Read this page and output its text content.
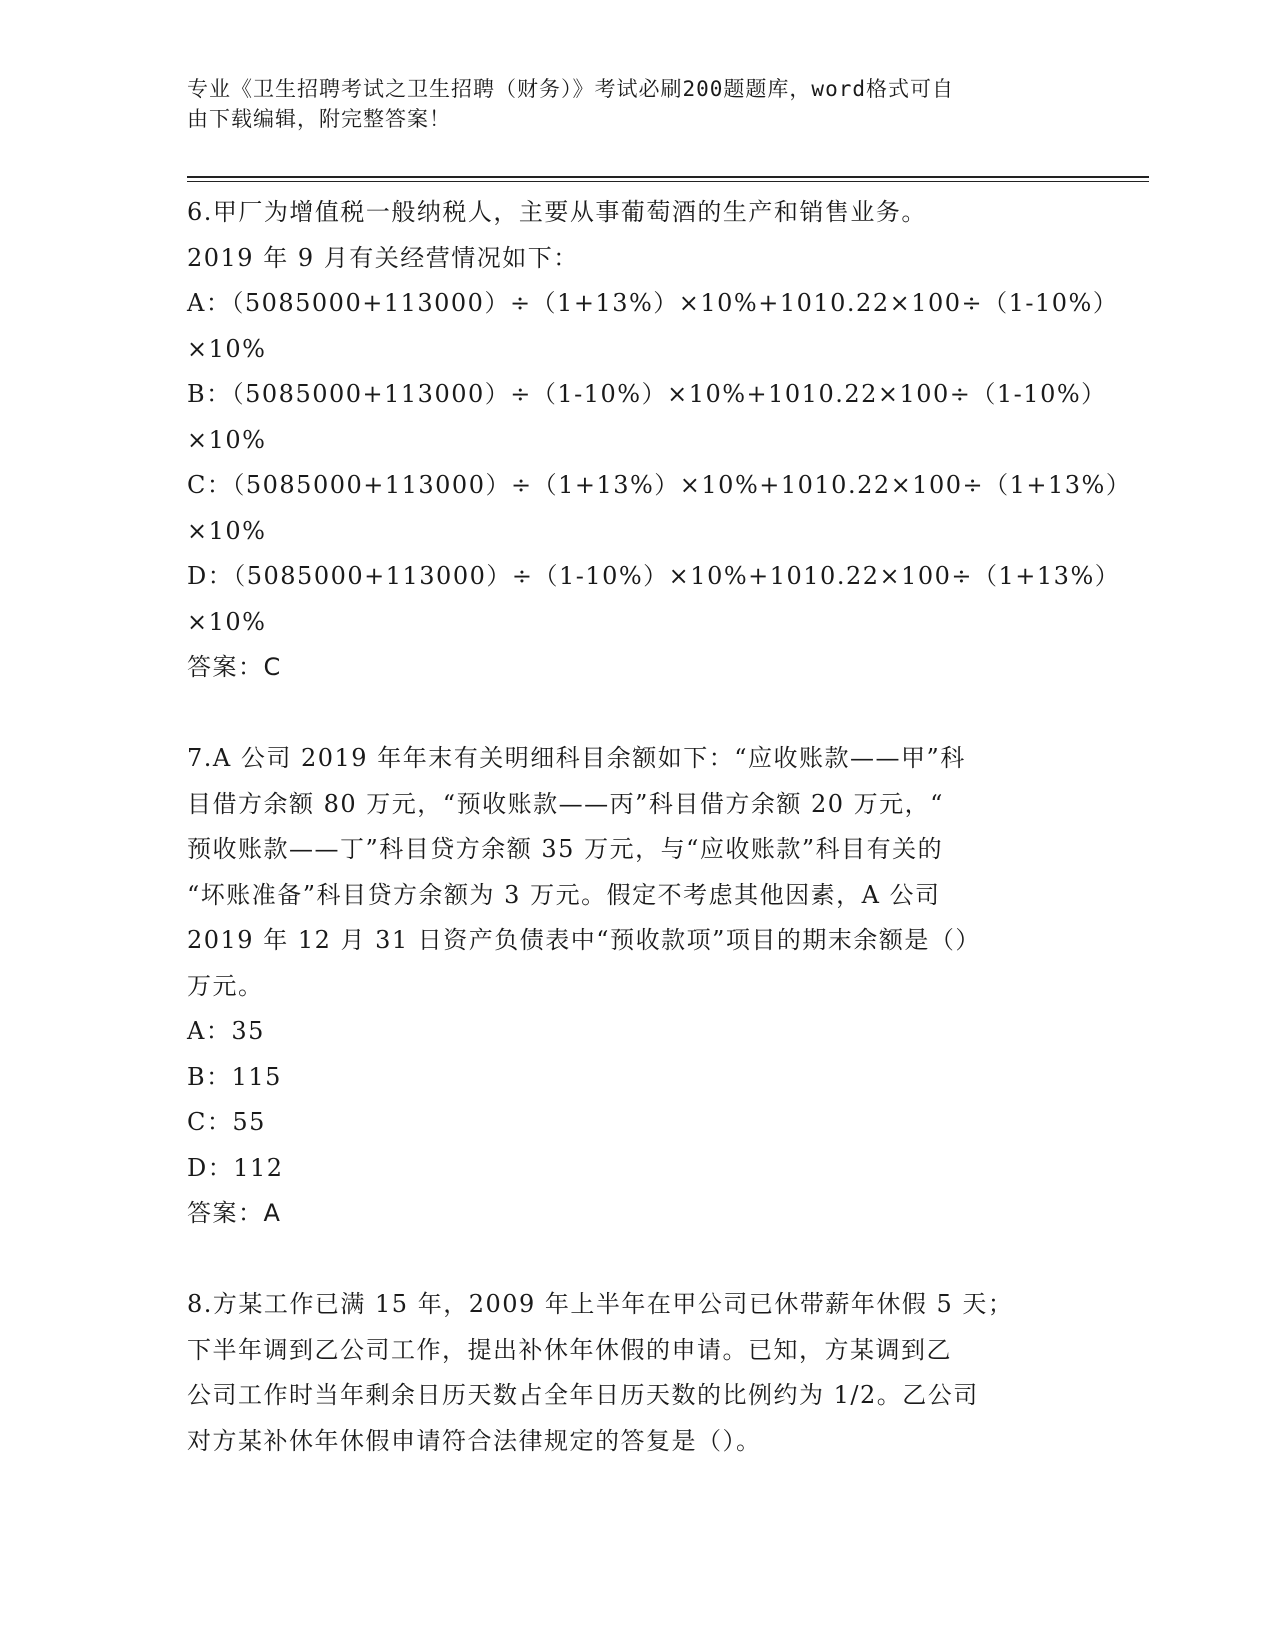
专业《卫生招聘考试之卫生招聘（财务）》考试必刷200题题库，word格式可自
由下载编辑，附完整答案！
6.甲厂为增值税一般纳税人，主要从事葡萄酒的生产和销售业务。
2019 年 9 月有关经营情况如下：
A：（5085000+113000）÷（1+13%）×10%+1010.22×100÷（1-10%）
×10%
B：（5085000+113000）÷（1-10%）×10%+1010.22×100÷（1-10%）
×10%
C：（5085000+113000）÷（1+13%）×10%+1010.22×100÷（1+13%）
×10%
D：（5085000+113000）÷（1-10%）×10%+1010.22×100÷（1+13%）
×10%
答案：C
7.A 公司 2019 年年末有关明细科目余额如下：“应收账款——甲”科
目借方余额 80 万元，“预收账款——丙”科目借方余额 20 万元，“
预收账款——丁”科目贷方余额 35 万元，与“应收账款”科目有关的
“坏账准备”科目贷方余额为 3 万元。假定不考虑其他因素，A 公司
2019 年 12 月 31 日资产负债表中“预收款项”项目的期末余额是（）
万元。
A：35
B：115
C：55
D：112
答案：A
8.方某工作已满 15 年，2009 年上半年在甲公司已休带薪年休假 5 天；
下半年调到乙公司工作，提出补休年休假的申请。已知，方某调到乙
公司工作时当年剩余日历天数占全年日历天数的比例约为 1/2。乙公司
对方某补休年休假申请符合法律规定的答复是（）。
